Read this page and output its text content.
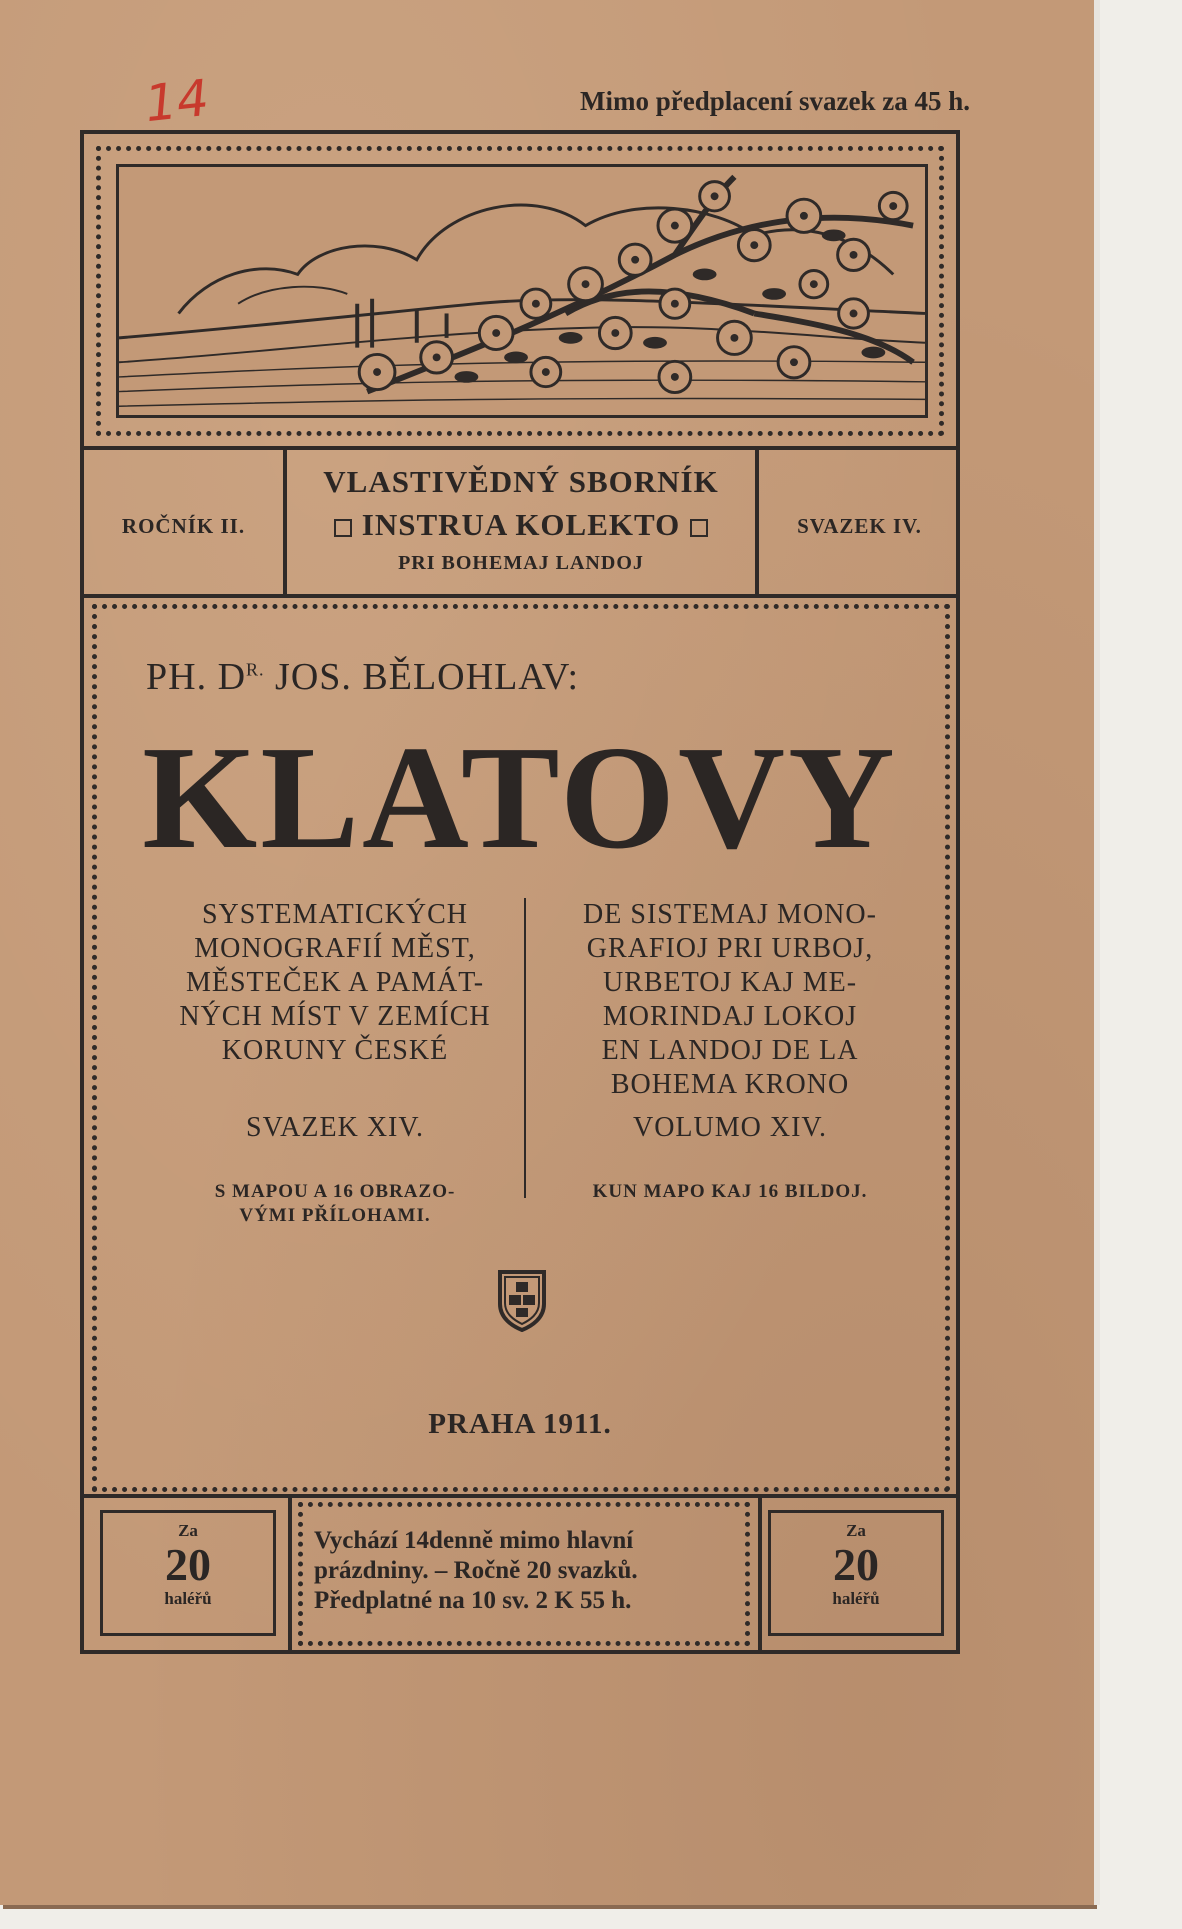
14	Mimo předplacení svazek za 45 h.
ROČNÍK II.
VLASTIVĚDNÝ SBORNÍK
INSTRUA KOLEKTO
PRI BOHEMAJ LANDOJ
SVAZEK IV.
PH. $D^{R.}$ JOS. BĚLOHLAV:
KLATOVY
SYSTEMATICKÝCH
MONOGRAFIÍ MĚST,
MĚSTEČEK A PAMÁT-
NÝCH MÍST V ZEMÍCH
KORUNY ČESKÉ
SVAZEK XIV.
S MAPOU A 16 OBRAZO-
VÝMI PŘÍLOHAMI.
DE SISTEMAJ MONO-
GRAFIOJ PRI URBOJ,
URBETOJ KAJ ME-
MORINDAJ LOKOJ
EN LANDOJ DE LA
BOHEMA KRONO
VOLUMO XIV.
KUN MAPO KAJ 16 BILDOJ.
PRAHA 1911.
Za
20
haléřů
Vychází 14denně mimo hlavní
prázdniny. – Ročně 20 svazků.
Předplatné na 10 sv. 2 K 55 h.
Za
20
haléřů
